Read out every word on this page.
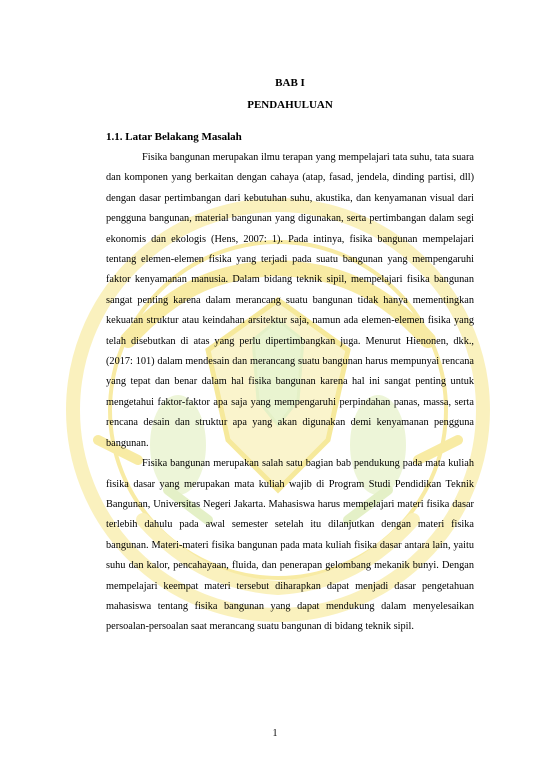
BAB I

PENDAHULUAN

1.1. Latar Belakang Masalah

Fisika bangunan merupakan ilmu terapan yang mempelajari tata suhu, tata suara dan komponen yang berkaitan dengan cahaya (atap, fasad, jendela, dinding partisi, dll) dengan dasar pertimbangan dari kebutuhan suhu, akustika, dan kenyamanan visual dari pengguna bangunan, material bangunan yang digunakan, serta pertimbangan dalam segi ekonomis dan ekologis (Hens, 2007: 1). Pada intinya, fisika bangunan mempelajari tentang elemen-elemen fisika yang terjadi pada suatu bangunan yang mempengaruhi faktor kenyamanan manusia. Dalam bidang teknik sipil, mempelajari fisika bangunan sangat penting karena dalam merancang suatu bangunan tidak hanya mementingkan kekuatan struktur atau keindahan arsitektur saja, namun ada elemen-elemen fisika yang telah disebutkan di atas yang perlu dipertimbangkan juga. Menurut Hienonen, dkk., (2017: 101) dalam mendesain dan merancang suatu bangunan harus mempunyai rencana yang tepat dan benar dalam hal fisika bangunan karena hal ini sangat penting untuk mengetahui faktor-faktor apa saja yang mempengaruhi perpindahan panas, massa, serta rencana desain dan struktur apa yang akan digunakan demi kenyamanan pengguna bangunan.

Fisika bangunan merupakan salah satu bagian bab pendukung pada mata kuliah fisika dasar yang merupakan mata kuliah wajib di Program Studi Pendidikan Teknik Bangunan, Universitas Negeri Jakarta. Mahasiswa harus mempelajari materi fisika dasar terlebih dahulu pada awal semester setelah itu dilanjutkan dengan materi fisika bangunan. Materi-materi fisika bangunan pada mata kuliah fisika dasar antara lain, yaitu suhu dan kalor, pencahayaan, fluida, dan penerapan gelombang mekanik bunyi. Dengan mempelajari keempat materi tersebut diharapkan dapat menjadi dasar pengetahuan mahasiswa tentang fisika bangunan yang dapat mendukung dalam menyelesaikan persoalan-persoalan saat merancang suatu bangunan di bidang teknik sipil.

1
